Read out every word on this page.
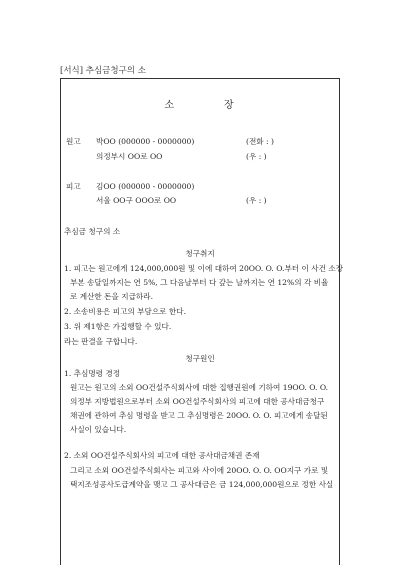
[서식] 추심금청구의 소
소	장
원고 박OO (000000 - 0000000)	(전화 : )
의정부시 OO로 OO	(우 : )
피고 김OO (000000 - 0000000)
서울 OO구 OOO로 OO	(우 : )
추심금 청구의 소
청구취지
1. 피고는 원고에게 124,000,000원 및 이에 대하여 20OO. O. O.부터 이 사건 소장
부본 송달일까지는 연 5%, 그 다음날부터 다 갚는 날까지는 연 12%의 각 비율
로 계산한 돈을 지급하라.
2. 소송비용은 피고의 부담으로 한다.
3. 위 제1항은 가집행할 수 있다.
라는 판결을 구합니다.
청구원인
1. 추심명령 경정
원고는 원고의 소외 OO건설주식회사에 대한 집행권원에 기하여 19OO. O. O.
의정부 지방법원으로부터 소외 OO건설주식회사의 피고에 대한 공사대금청구
채권에 관하여 추심 명령을 받고 그 추심명령은 20OO. O. O. 피고에게 송달된
사실이 있습니다.
2. 소외 OO건설주식회사의 피고에 대한 공사대금채권 존재
그리고 소외 OO건설주식회사는 피고와 사이에 20OO. O. O. OO지구 가로 및
택지조성공사도급계약을 맺고 그 공사대금은 금 124,000,000원으로 정한 사실
